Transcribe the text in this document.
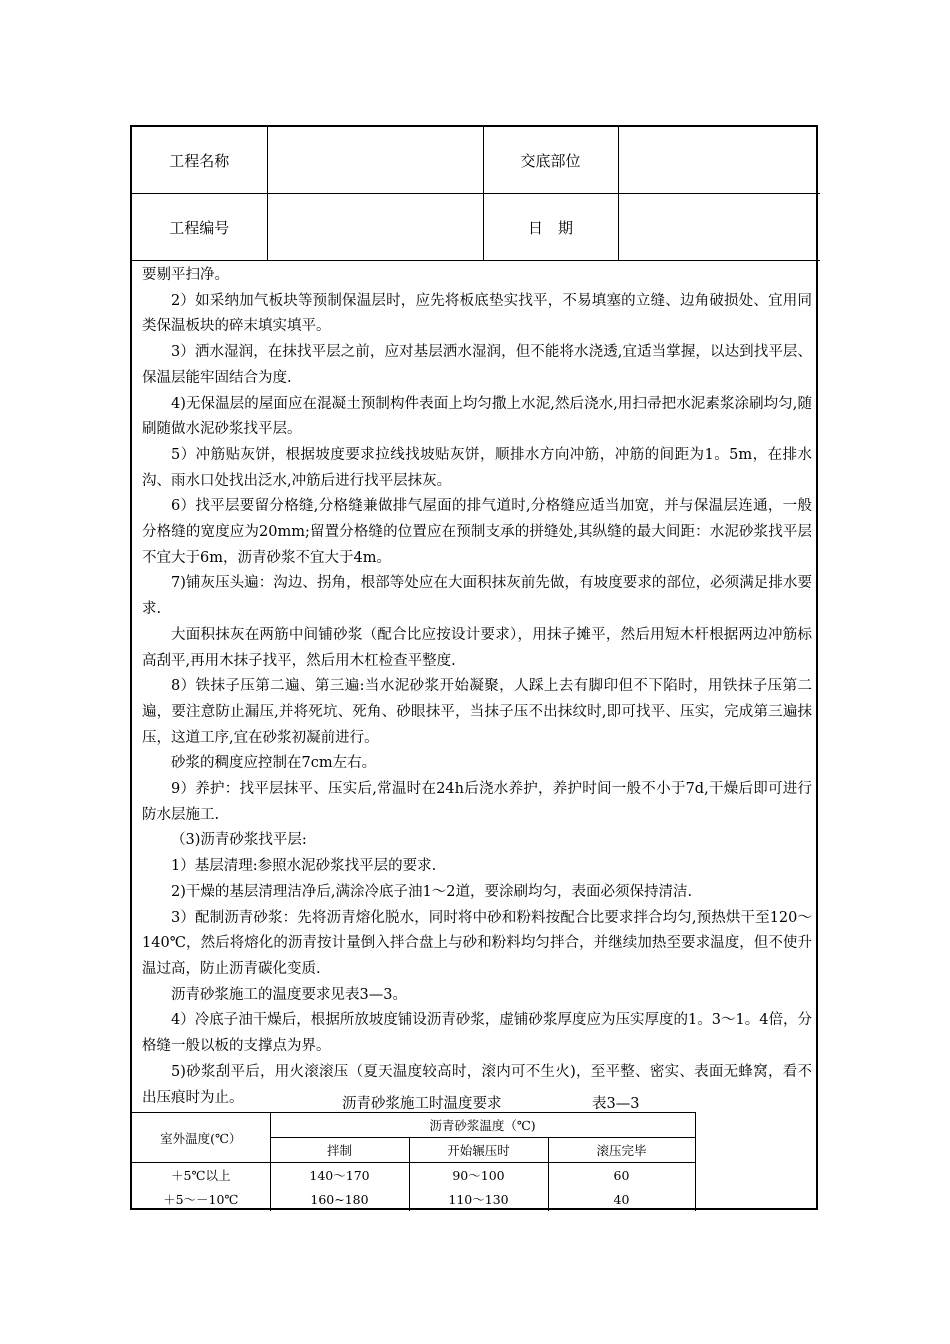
工程名称		交底部位	
工程编号		日　期	

要剔平扫净。

2）如采纳加气板块等预制保温层时，应先将板底垫实找平，不易填塞的立缝、边角破损处、宜用同类保温板块的碎末填实填平。

3）洒水湿润，在抹找平层之前，应对基层洒水湿润，但不能将水浇透,宜适当掌握，以达到找平层、保温层能牢固结合为度.

4)无保温层的屋面应在混凝土预制构件表面上均匀撒上水泥,然后浇水,用扫帚把水泥素浆涂刷均匀,随刷随做水泥砂浆找平层。

5）冲筋贴灰饼，根据坡度要求拉线找坡贴灰饼，顺排水方向冲筋，冲筋的间距为1。5m，在排水沟、雨水口处找出泛水,冲筋后进行找平层抹灰。

6）找平层要留分格缝,分格缝兼做排气屋面的排气道时,分格缝应适当加宽，并与保温层连通，一般分格缝的宽度应为20mm;留置分格缝的位置应在预制支承的拼缝处,其纵缝的最大间距：水泥砂浆找平层不宜大于6m，沥青砂浆不宜大于4m。

7)铺灰压头遍：沟边、拐角，根部等处应在大面积抹灰前先做，有坡度要求的部位，必须满足排水要求.

大面积抹灰在两筋中间铺砂浆（配合比应按设计要求），用抹子摊平，然后用短木杆根据两边冲筋标高刮平,再用木抹子找平，然后用木杠检查平整度.

8）铁抹子压第二遍、第三遍:当水泥砂浆开始凝聚，人踩上去有脚印但不下陷时，用铁抹子压第二遍，要注意防止漏压,并将死坑、死角、砂眼抹平，当抹子压不出抹纹时,即可找平、压实，完成第三遍抹压，这道工序,宜在砂浆初凝前进行。

砂浆的稠度应控制在7cm左右。

9）养护：找平层抹平、压实后,常温时在24h后浇水养护，养护时间一般不小于7d,干燥后即可进行防水层施工.

（3)沥青砂浆找平层:

1）基层清理:参照水泥砂浆找平层的要求.

2)干燥的基层清理洁净后,满涂冷底子油1～2道，要涂刷均匀，表面必须保持清洁.

3）配制沥青砂浆：先将沥青熔化脱水，同时将中砂和粉料按配合比要求拌合均匀,预热烘干至120～140℃，然后将熔化的沥青按计量倒入拌合盘上与砂和粉料均匀拌合，并继续加热至要求温度，但不使升温过高，防止沥青碳化变质.

沥青砂浆施工的温度要求见表3—3。

4）冷底子油干燥后，根据所放坡度铺设沥青砂浆，虚铺砂浆厚度应为压实厚度的1。3～1。4倍，分格缝一般以板的支撑点为界。

5)砂浆刮平后，用火滚滚压（夏天温度较高时，滚内可不生火)，至平整、密实、表面无蜂窝，看不出压痕时为止。	沥青砂浆施工时温度要求	表3—3
室外温度(℃）	沥青砂浆温度（℃)		
	拌制	开始辗压时	滚压完毕
＋5℃以上	140～170	90～100	60
＋5～－10℃	160~180	110～130	40
